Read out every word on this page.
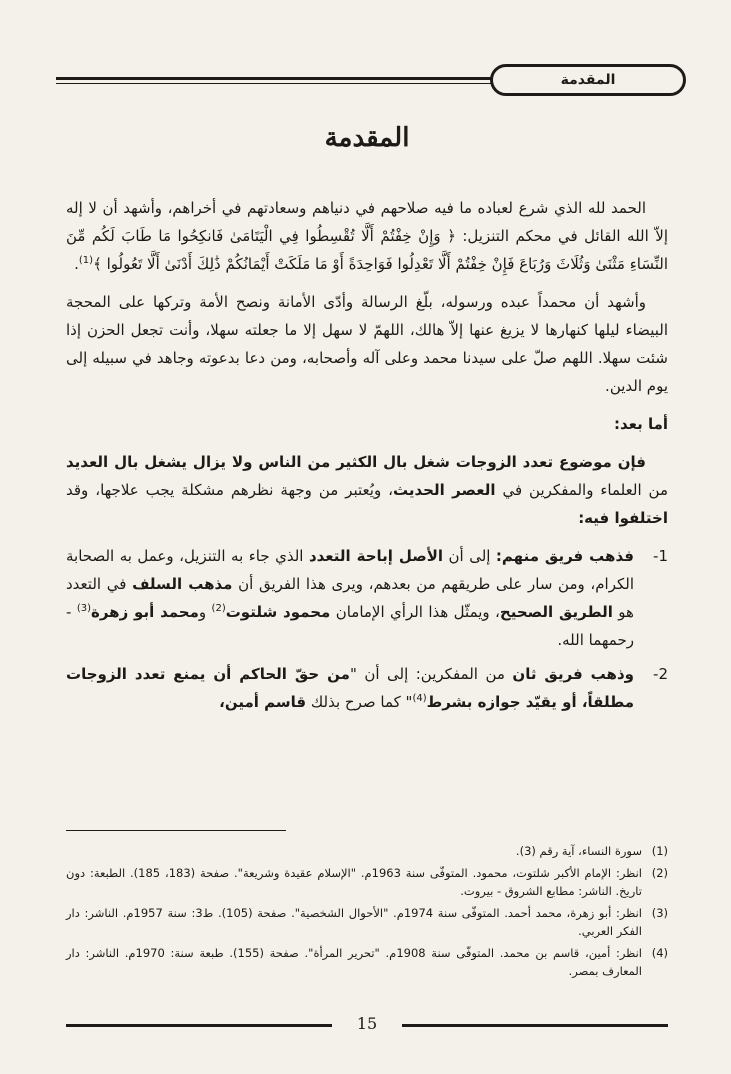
المقدمة
المقدمة

الحمد لله الذي شرع لعباده ما فيه صلاحهم في دنياهم وسعادتهم في أخراهم، وأشهد أن لا إله إلاّ الله القائل في محكم التنزيل: ﴿ وَإِنْ خِفْتُمْ أَلَّا تُقْسِطُوا فِي الْيَتَامَىٰ فَانكِحُوا مَا طَابَ لَكُم مِّنَ النِّسَاءِ مَثْنَىٰ وَثُلَاثَ وَرُبَاعَ فَإِنْ خِفْتُمْ أَلَّا تَعْدِلُوا فَوَاحِدَةً أَوْ مَا مَلَكَتْ أَيْمَانُكُمْ ذَٰلِكَ أَدْنَىٰ أَلَّا تَعُولُوا ﴾$^{(1)}$.

وأشهد أن محمداً عبده ورسوله، بلّغ الرسالة وأدّى الأمانة ونصح الأمة وتركها على المحجة البيضاء ليلها كنهارها لا يزيغ عنها إلاّ هالك، اللهمّ لا سهل إلا ما جعلته سهلا، وأنت تجعل الحزن إذا شئت سهلا. اللهم صلّ على سيدنا محمد وعلى آله وأصحابه، ومن دعا بدعوته وجاهد في سبيله إلى يوم الدين.

أما بعد:

فإن موضوع تعدد الزوجات شغل بال الكثير من الناس ولا يزال يشغل بال العديد من العلماء والمفكرين في العصر الحديث، ويُعتبر من وجهة نظرهم مشكلة يجب علاجها، وقد اختلفوا فيه:

-1
فذهب فريق منهم: إلى أن الأصل إباحة التعدد الذي جاء به التنزيل، وعمل به الصحابة الكرام، ومن سار على طريقهم من بعدهم، ويرى هذا الفريق أن مذهب السلف في التعدد هو الطريق الصحيح، ويمثّل هذا الرأي الإمامان محمود شلتوت$^{(2)}$ ومحمد أبو زهرة$^{(3)}$ - رحمهما الله.
-2
وذهب فريق ثان من المفكرين: إلى أن "من حقّ الحاكم أن يمنع تعدد الزوجات مطلقاً، أو يقيّد جوازه بشرط$^{(4)}$" كما صرح بذلك قاسم أمين،

(1)
سورة النساء، آية رقم (3).

(2)
انظر: الإمام الأكبر شلتوت، محمود. المتوفّى سنة 1963م. "الإسلام عقيدة وشريعة". صفحة (183، 185). الطبعة: دون تاريخ. الناشر: مطابع الشروق - بيروت.

(3)
انظر: أبو زهرة، محمد أحمد. المتوفّى سنة 1974م. "الأحوال الشخصية". صفحة (105). ط3: سنة 1957م. الناشر: دار الفكر العربي.

(4)
انظر: أمين، قاسم بن محمد. المتوفّى سنة 1908م. "تحرير المرأة". صفحة (155). طبعة سنة: 1970م. الناشر: دار المعارف بمصر.

15
